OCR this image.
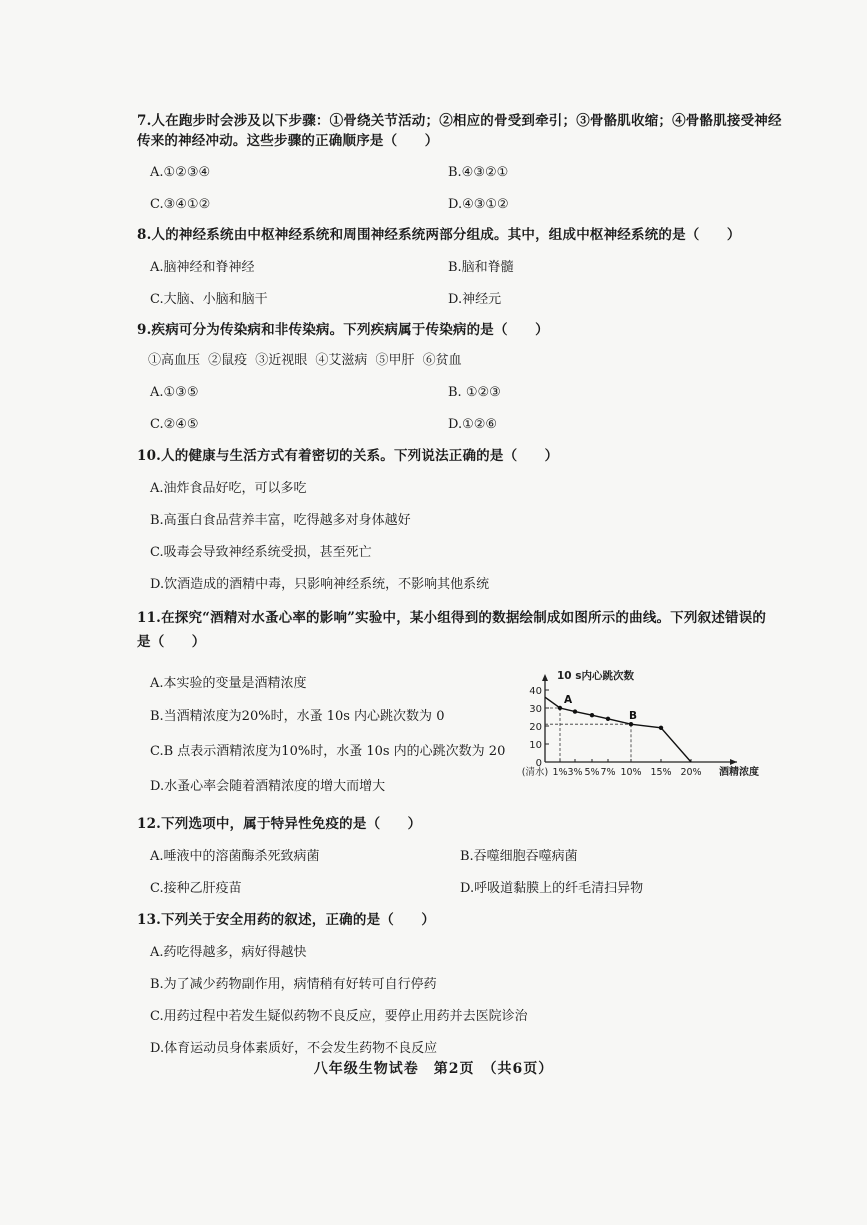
7.人在跑步时会涉及以下步骤：①骨绕关节活动；②相应的骨受到牵引；③骨骼肌收缩；④骨骼肌接受神经
传来的神经冲动。这些步骤的正确顺序是（　　）
A.①②③④	B.④③②①
C.③④①②	D.④③①②
8.人的神经系统由中枢神经系统和周围神经系统两部分组成。其中，组成中枢神经系统的是（　　）
A.脑神经和脊神经	B.脑和脊髓
C.大脑、小脑和脑干	D.神经元
9.疾病可分为传染病和非传染病。下列疾病属于传染病的是（　　）
①高血压 ②鼠疫 ③近视眼 ④艾滋病 ⑤甲肝 ⑥贫血
A.①③⑤	B. ①②③
C.②④⑤	D.①②⑥
10.人的健康与生活方式有着密切的关系。下列说法正确的是（　　）
A.油炸食品好吃，可以多吃
B.高蛋白食品营养丰富，吃得越多对身体越好
C.吸毒会导致神经系统受损，甚至死亡
D.饮酒造成的酒精中毒，只影响神经系统，不影响其他系统
11.在探究“酒精对水蚤心率的影响”实验中，某小组得到的数据绘制成如图所示的曲线。下列叙述错误的
是（　　）
A.本实验的变量是酒精浓度
B.当酒精浓度为20%时，水蚤 10s 内心跳次数为 0
C.B 点表示酒精浓度为10%时，水蚤 10s 内的心跳次数为 20
D.水蚤心率会随着酒精浓度的增大而增大
0
10
20
30
40
(清水) 1% 3% 5% 7% 10% 15% 20%
10 s内心跳次数
酒精浓度
A
B
12.下列选项中，属于特异性免疫的是（　　）
A.唾液中的溶菌酶杀死致病菌	B.吞噬细胞吞噬病菌
C.接种乙肝疫苗	D.呼吸道黏膜上的纤毛清扫异物
13.下列关于安全用药的叙述，正确的是（　　）
A.药吃得越多，病好得越快
B.为了减少药物副作用，病情稍有好转可自行停药
C.用药过程中若发生疑似药物不良反应，要停止用药并去医院诊治
D.体育运动员身体素质好，不会发生药物不良反应
八年级生物试卷　第2页　（共6页）
